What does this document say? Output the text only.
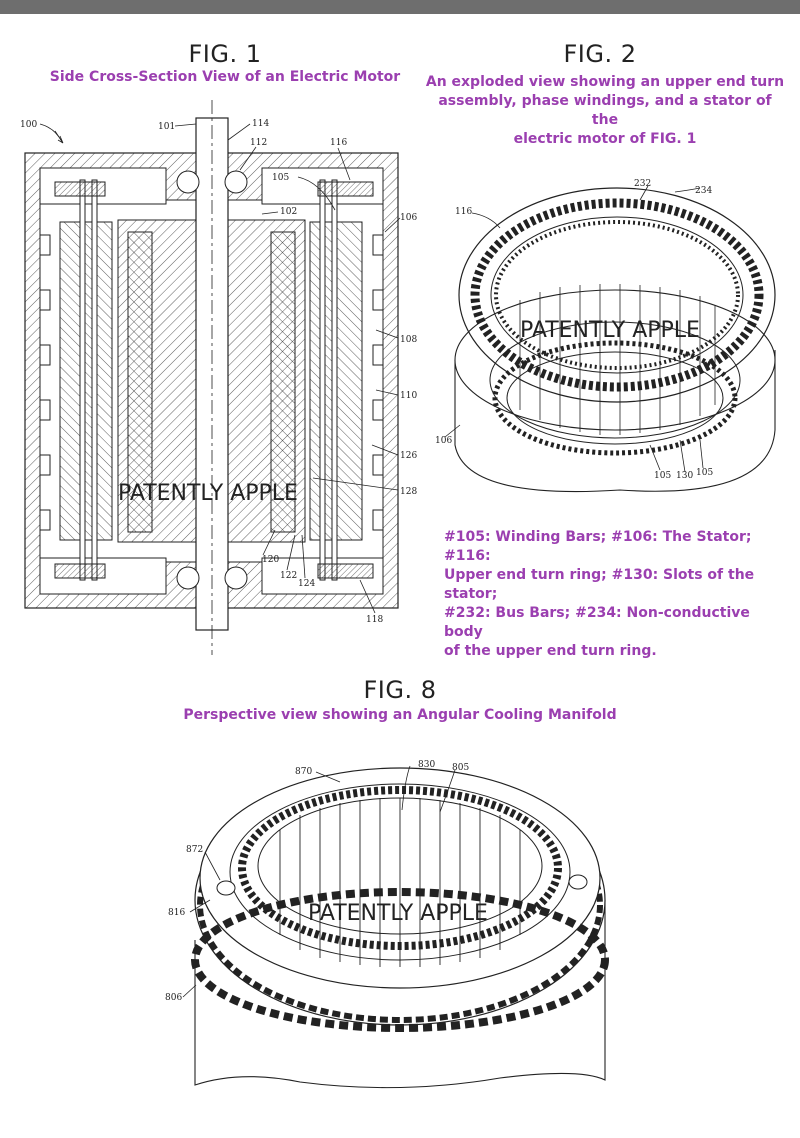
FIG. 1
Side Cross-Section View of an Electric Motor
FIG. 2
An exploded view showing an upper end turn
assembly, phase windings, and a stator of the
electric motor of FIG. 1
#105: Winding Bars; #106: The Stator; #116:
Upper end turn ring; #130: Slots of the stator;
#232: Bus Bars; #234: Non-conductive body
of the upper end turn ring.
FIG. 8
Perspective view showing an Angular Cooling Manifold
100	101	114
112	116
105
102
106
108
110
126
128
120
122
124
118
PATENTLY APPLE
232
234
116
106
105 130 105
PATENTLY APPLE
870
830 805
872
816
806
PATENTLY APPLE
